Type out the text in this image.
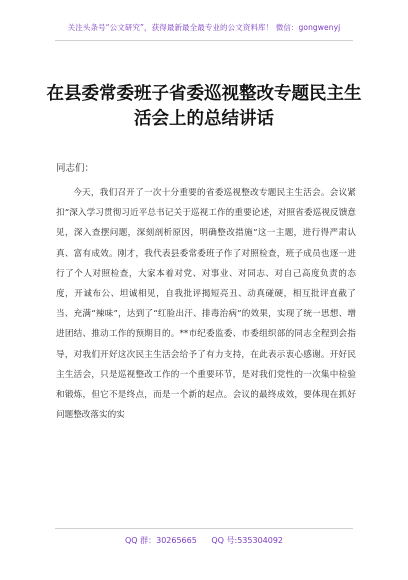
关注头条号“公文研究”，获得最新最全最专业的公文资料库！ 微信：gongwenyj
在县委常委班子省委巡视整改专题民主生活会上的总结讲话
同志们：

今天，我们召开了一次十分重要的省委巡视整改专题民主生活会。会议紧扣“深入学习贯彻习近平总书记关于巡视工作的重要论述，对照省委巡视反馈意见，深入查摆问题，深刻剖析原因，明确整改措施”这一主题，进行得严肃认真、富有成效。刚才，我代表县委常委班子作了对照检查，班子成员也逐一进行了个人对照检查，大家本着对党、对事业、对同志、对自己高度负责的态度，开诚布公、坦诚相见，自我批评揭短亮丑、动真碰硬，相互批评直截了当、充满“辣味”，达到了“红脸出汗、排毒治病”的效果，实现了统一思想、增进团结、推动工作的预期目的。**市纪委监委、市委组织部的同志全程到会指导，对我们开好这次民主生活会给予了有力支持，在此表示衷心感谢。开好民主生活会，只是巡视整改工作的一个重要环节，是对我们党性的一次集中检验和锻炼，但它不是终点，而是一个新的起点。会议的最终成效，要体现在抓好问题整改落实的实

QQ 群：30265665 QQ 号:535304092
